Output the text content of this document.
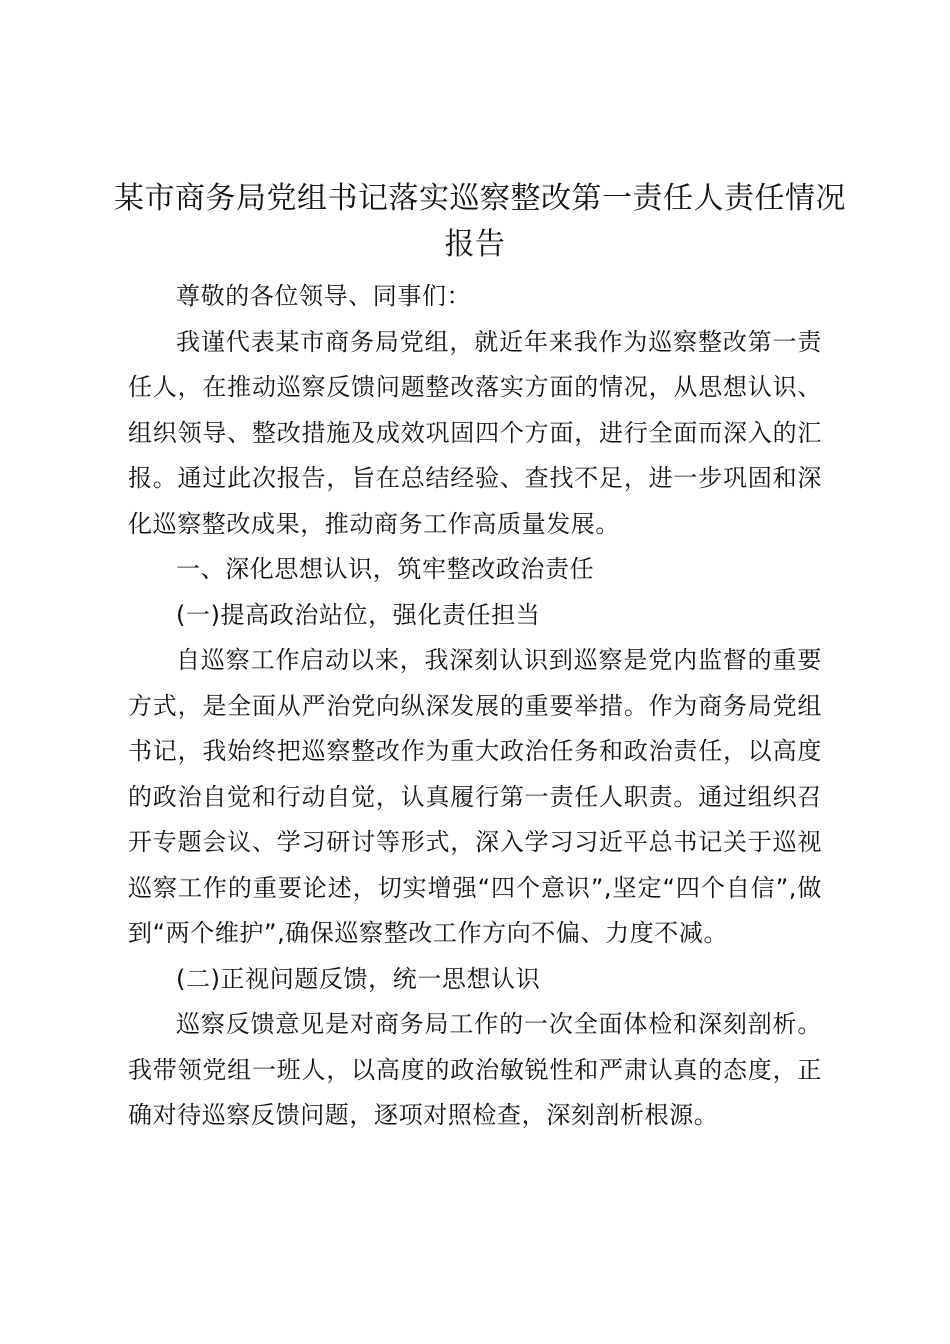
某市商务局党组书记落实巡察整改第一责任人责任情况
报告

尊敬的各位领导、同事们：

我谨代表某市商务局党组，就近年来我作为巡察整改第一责任人，在推动巡察反馈问题整改落实方面的情况，从思想认识、组织领导、整改措施及成效巩固四个方面，进行全面而深入的汇报。通过此次报告，旨在总结经验、查找不足，进一步巩固和深化巡察整改成果，推动商务工作高质量发展。

一、深化思想认识，筑牢整改政治责任
(一)提高政治站位，强化责任担当

自巡察工作启动以来，我深刻认识到巡察是党内监督的重要方式，是全面从严治党向纵深发展的重要举措。作为商务局党组书记，我始终把巡察整改作为重大政治任务和政治责任，以高度的政治自觉和行动自觉，认真履行第一责任人职责。通过组织召开专题会议、学习研讨等形式，深入学习习近平总书记关于巡视巡察工作的重要论述，切实增强“四个意识”,坚定“四个自信”,做到“两个维护”,确保巡察整改工作方向不偏、力度不减。

(二)正视问题反馈，统一思想认识

巡察反馈意见是对商务局工作的一次全面体检和深刻剖析。我带领党组一班人，以高度的政治敏锐性和严肃认真的态度，正确对待巡察反馈问题，逐项对照检查，深刻剖析根源。
